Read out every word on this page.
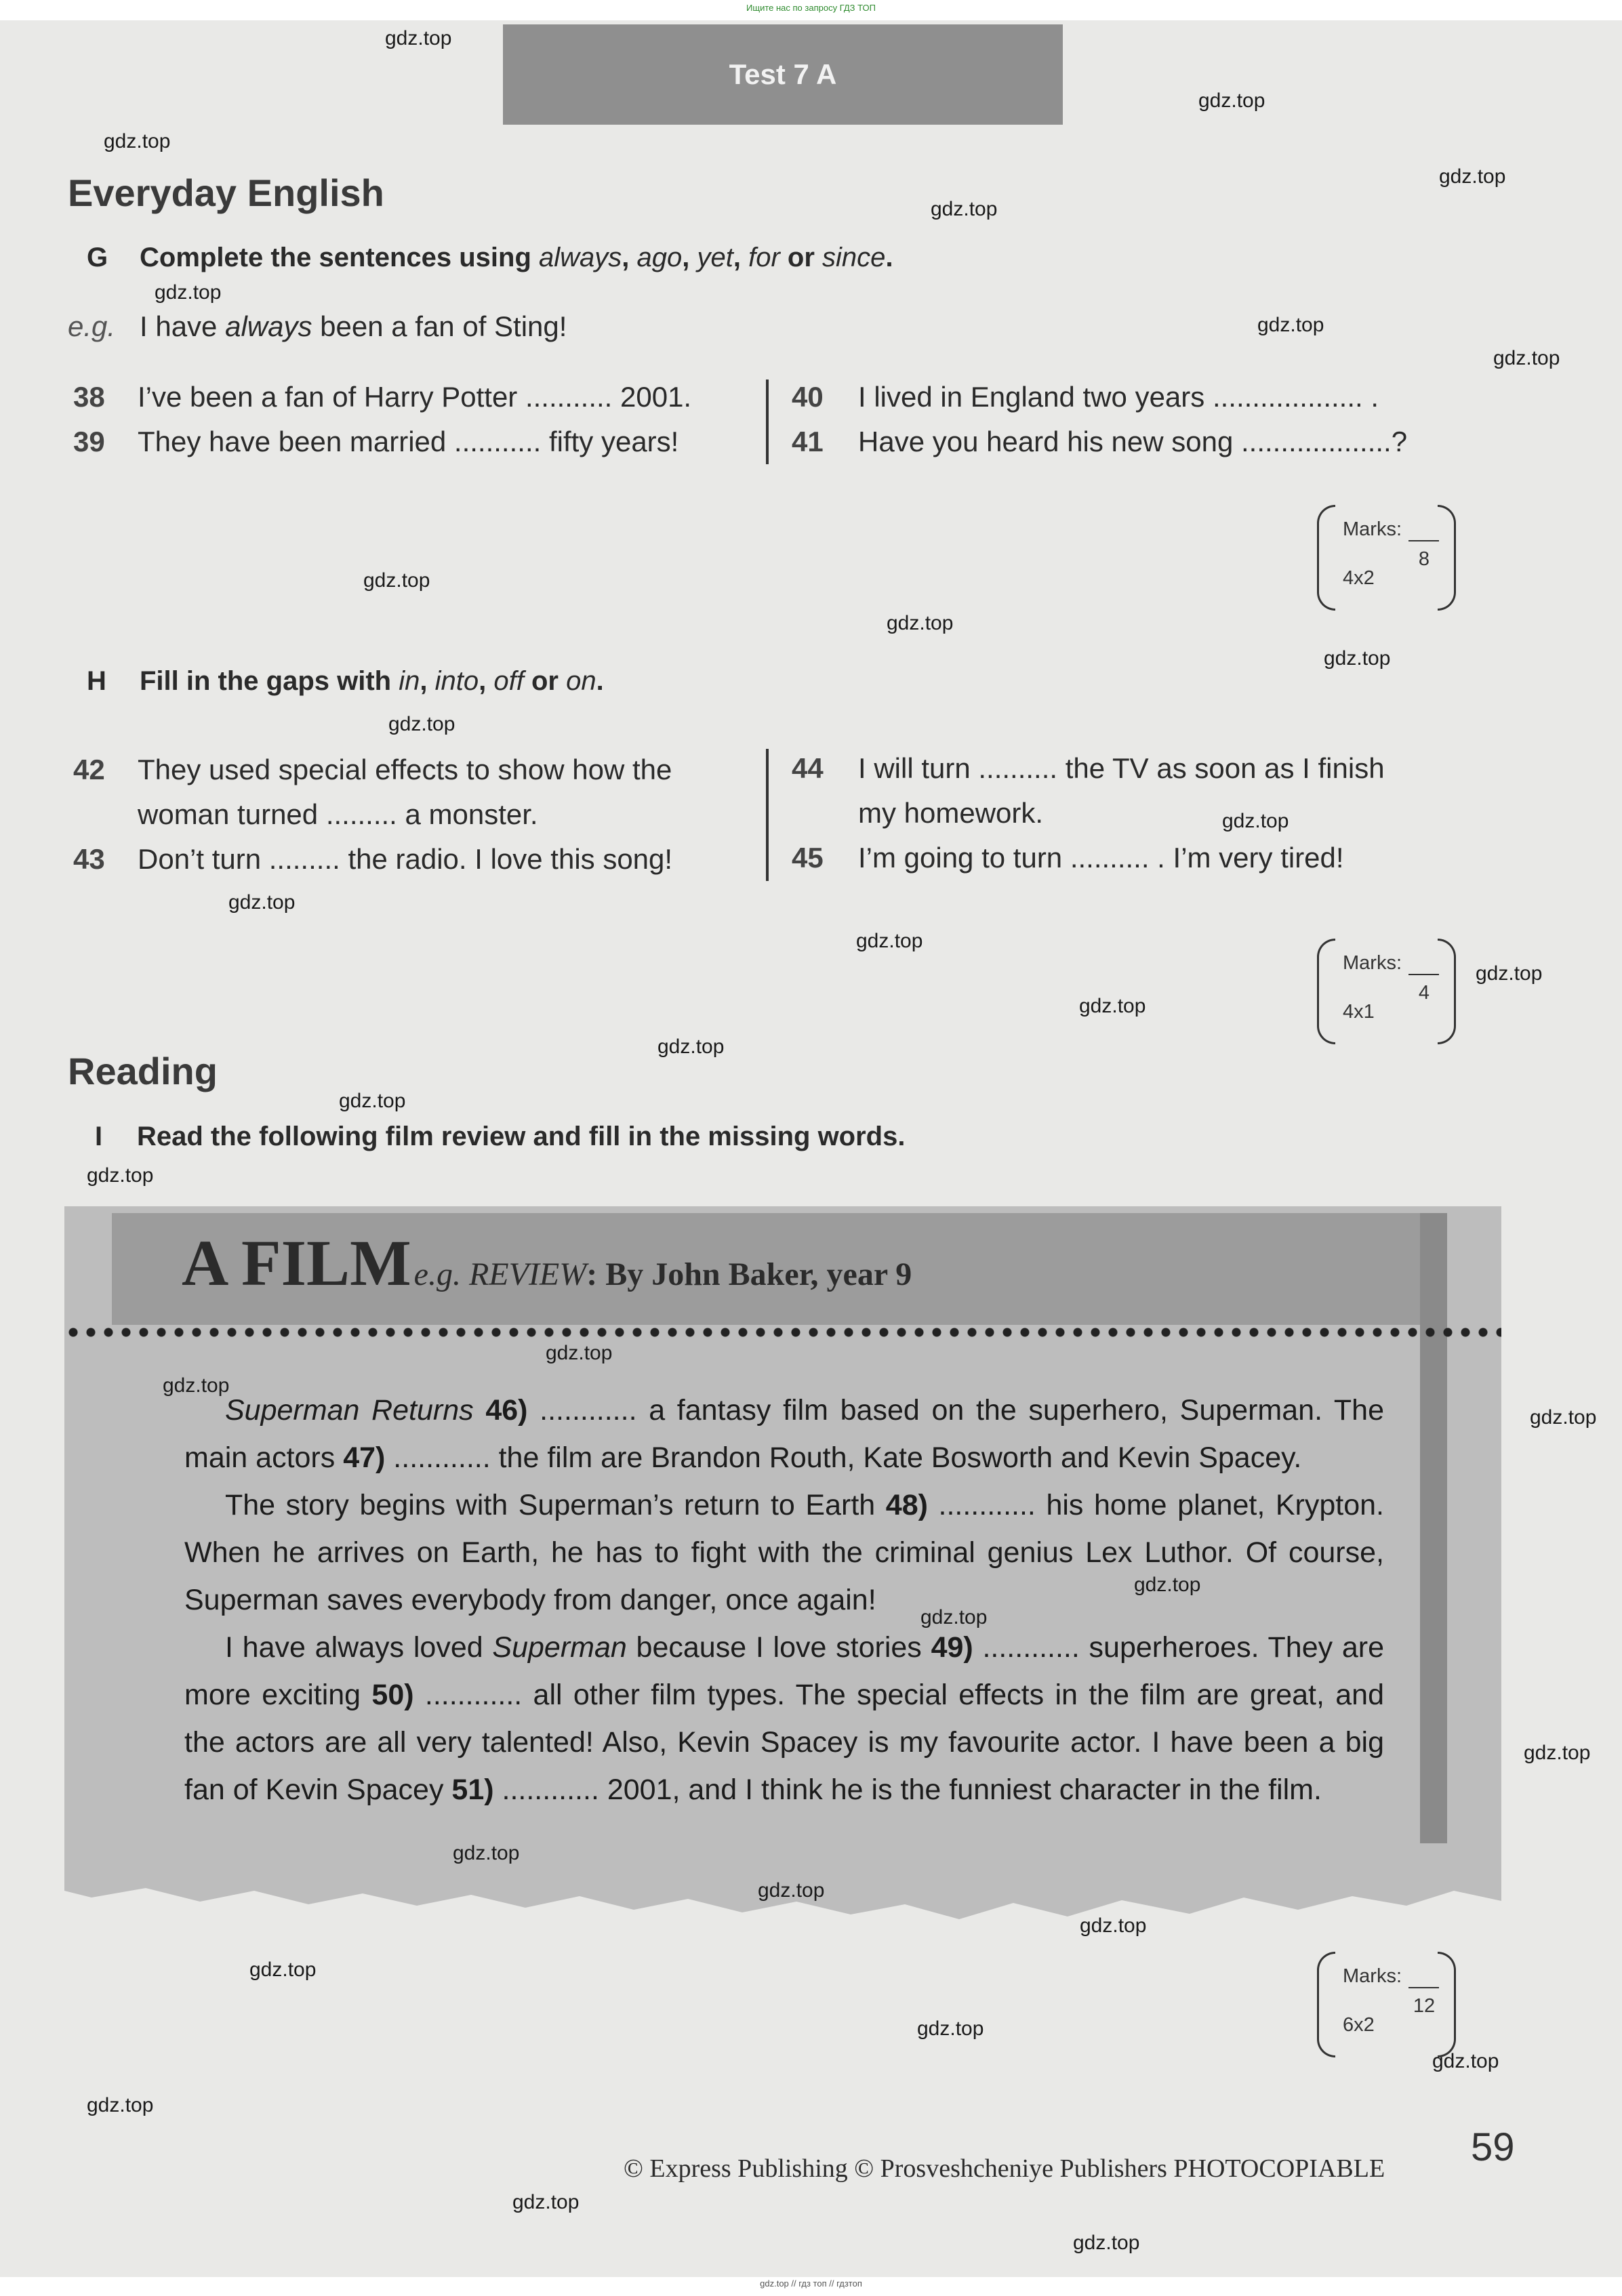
Ищите нас по запросу ГДЗ ТОП
Test 7 A
Everyday English
G Complete the sentences using always, ago, yet, for or since.
e.g. I have always been a fan of Sting!
38 I’ve been a fan of Harry Potter ........... 2001.
39 They have been married ........... fifty years!
40 I lived in England two years ................... .
41 Have you heard his new song ...................?
Marks:
8
4x2
H Fill in the gaps with in, into, off or on.
42 They used special effects to show how the
woman turned ......... a monster.
43 Don’t turn ......... the radio. I love this song!
44 I will turn .......... the TV as soon as I finish
my homework.
45 I’m going to turn .......... . I’m very tired!
Marks:
4
4x1
Reading
I Read the following film review and fill in the missing words.
A FILM e.g. REVIEW: By John Baker, year 9

Superman Returns 46) ............ a fantasy film based on the superhero, Superman. The main actors 47) ............ the film are Brandon Routh, Kate Bosworth and Kevin Spacey.

The story begins with Superman’s return to Earth 48) ............ his home planet, Krypton. When he arrives on Earth, he has to fight with the criminal genius Lex Luthor. Of course, Superman saves everybody from danger, once again!

I have always loved Superman because I love stories 49) ............ superheroes. They are more exciting 50) ............ all other film types. The special effects in the film are great, and the actors are all very talented! Also, Kevin Spacey is my favourite actor. I have been a big fan of Kevin Spacey 51) ............ 2001, and I think he is the funniest character in the film.

Marks:
12
6x2
© Express Publishing © Prosveshcheniye Publishers PHOTOCOPIABLE 59
gdz.top
gdz.top
gdz.top
gdz.top
gdz.top
gdz.top
gdz.top
gdz.top
gdz.top
gdz.top
gdz.top
gdz.top
gdz.top
gdz.top
gdz.top
gdz.top
gdz.top
gdz.top
gdz.top
gdz.top
gdz.top
gdz.top
gdz.top
gdz.top
gdz.top
gdz.top
gdz.top
gdz.top
gdz.top
gdz.top
gdz.top
gdz.top
gdz.top
gdz.top
gdz.top
gdz.top // гдз топ // гдзтоп
